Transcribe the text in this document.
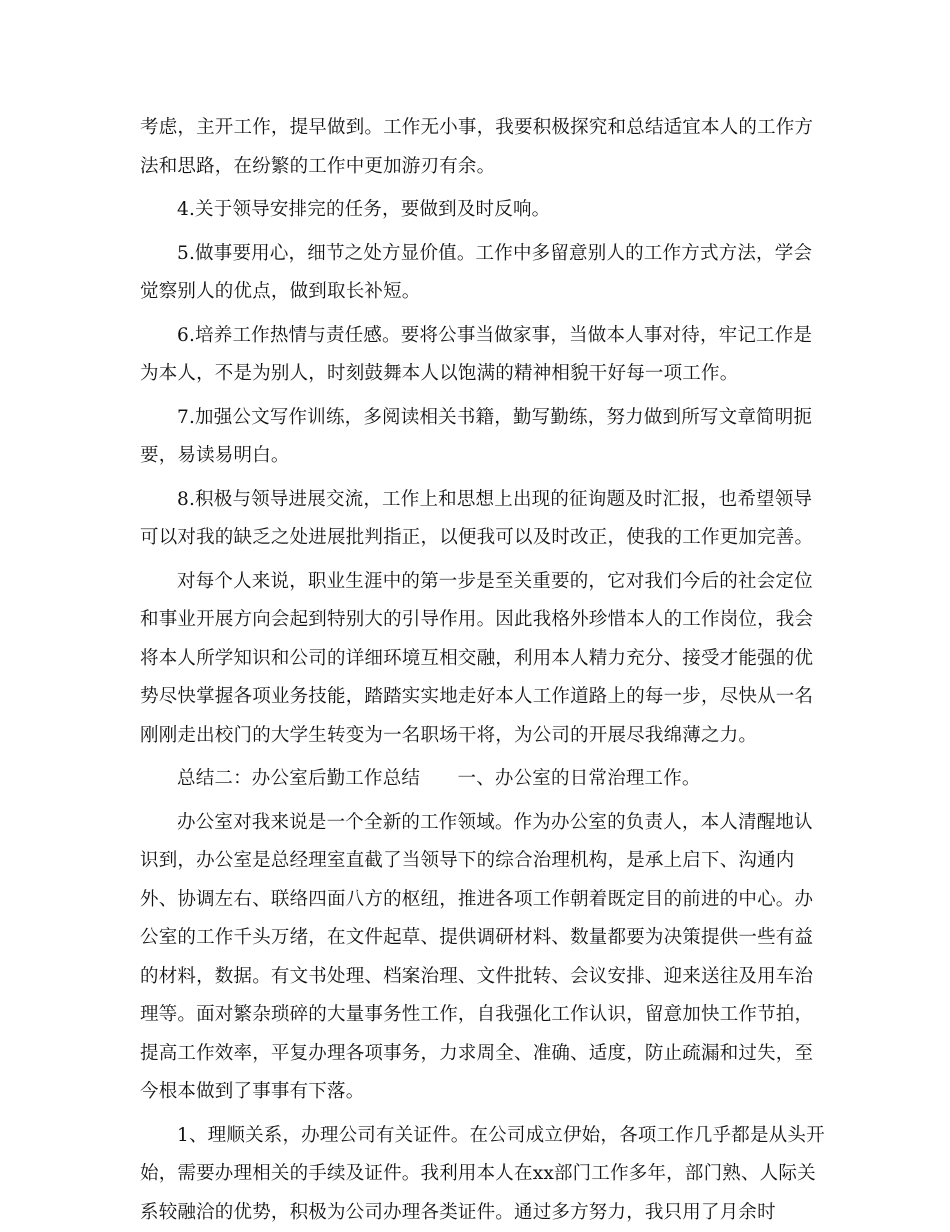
考虑，主开工作，提早做到。工作无小事，我要积极探究和总结适宜本人的工作方法和思路，在纷繁的工作中更加游刃有余。

4.关于领导安排完的任务，要做到及时反响。

5.做事要用心，细节之处方显价值。工作中多留意别人的工作方式方法，学会觉察别人的优点，做到取长补短。

6.培养工作热情与责任感。要将公事当做家事，当做本人事对待，牢记工作是为本人，不是为别人，时刻鼓舞本人以饱满的精神相貌干好每一项工作。

7.加强公文写作训练，多阅读相关书籍，勤写勤练，努力做到所写文章简明扼要，易读易明白。

8.积极与领导进展交流，工作上和思想上出现的征询题及时汇报，也希望领导可以对我的缺乏之处进展批判指正，以便我可以及时改正，使我的工作更加完善。

对每个人来说，职业生涯中的第一步是至关重要的，它对我们今后的社会定位和事业开展方向会起到特别大的引导作用。因此我格外珍惜本人的工作岗位，我会将本人所学知识和公司的详细环境互相交融，利用本人精力充分、接受才能强的优势尽快掌握各项业务技能，踏踏实实地走好本人工作道路上的每一步，尽快从一名刚刚走出校门的大学生转变为一名职场干将，为公司的开展尽我绵薄之力。

总结二：办公室后勤工作总结　　一、办公室的日常治理工作。

办公室对我来说是一个全新的工作领域。作为办公室的负责人，本人清醒地认识到，办公室是总经理室直截了当领导下的综合治理机构，是承上启下、沟通内外、协调左右、联络四面八方的枢纽，推进各项工作朝着既定目的前进的中心。办公室的工作千头万绪，在文件起草、提供调研材料、数量都要为决策提供一些有益的材料，数据。有文书处理、档案治理、文件批转、会议安排、迎来送往及用车治理等。面对繁杂琐碎的大量事务性工作，自我强化工作认识，留意加快工作节拍，提高工作效率，平复办理各项事务，力求周全、准确、适度，防止疏漏和过失，至今根本做到了事事有下落。

1、理顺关系，办理公司有关证件。在公司成立伊始，各项工作几乎都是从头开始，需要办理相关的手续及证件。我利用本人在xx部门工作多年，部门熟、人际关系较融洽的优势，积极为公司办理各类证件。通过多方努力，我只用了月余时
